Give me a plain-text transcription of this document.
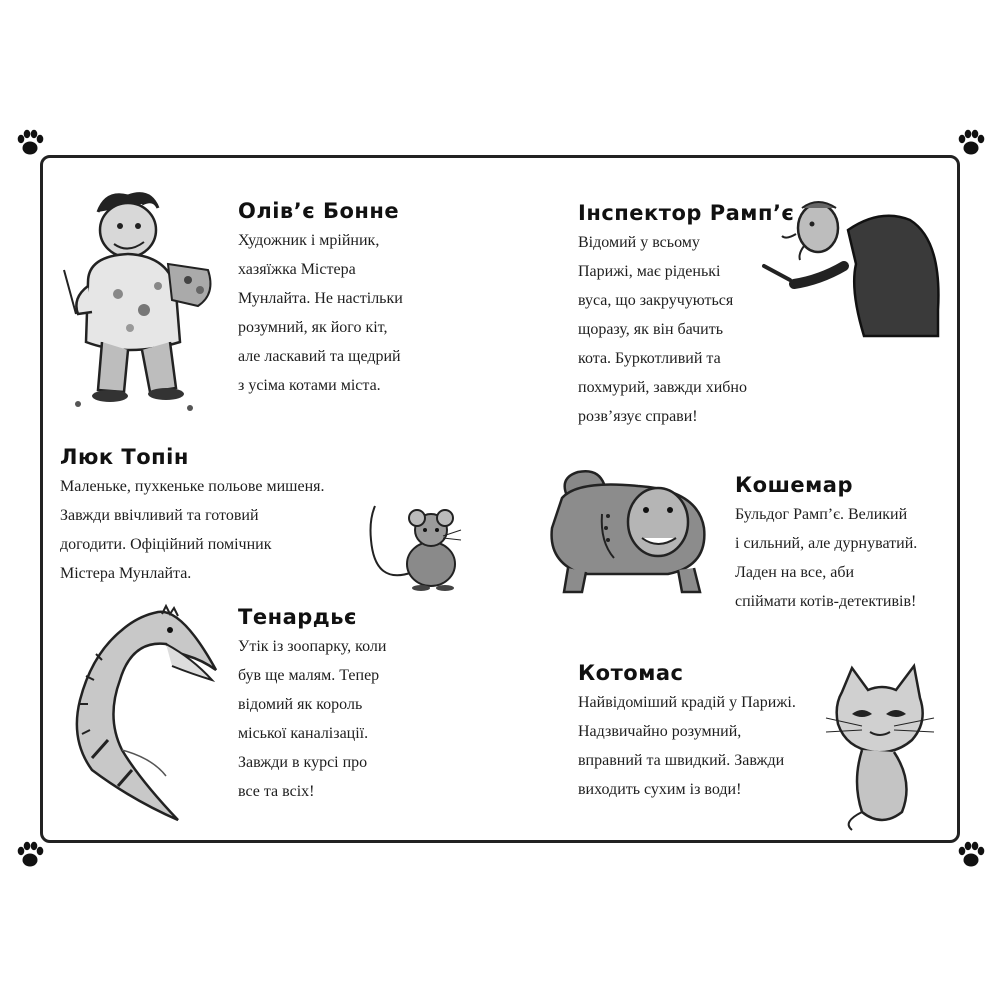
Олів’є Бонне
Художник і мрійник,
хазяїжка Містера
Мунлайта. Не настільки
розумний, як його кіт,
але ласкавий та щедрий
з усіма котами міста.
Інспектор Рамп’є
Відомий у всьому
Парижі, має ріденькі
вуса, що закручуються
щоразу, як він бачить
кота. Буркотливий та
похмурий, завжди хибно
розв’язує справи!
Люк Топін
Маленьке, пухкеньке польове мишеня.
Завжди ввічливий та готовий
догодити. Офіційний помічник
Містера Мунлайта.
Кошемар
Бульдог Рамп’є. Великий
і сильний, але дурнуватий.
Ладен на все, аби
спіймати котів-детективів!
Тенардьє
Утік із зоопарку, коли
був ще малям. Тепер
відомий як король
міської каналізації.
Завжди в курсі про
все та всіх!
Котомас
Найвідоміший крадій у Парижі.
Надзвичайно розумний,
вправний та швидкий. Завжди
виходить сухим із води!
